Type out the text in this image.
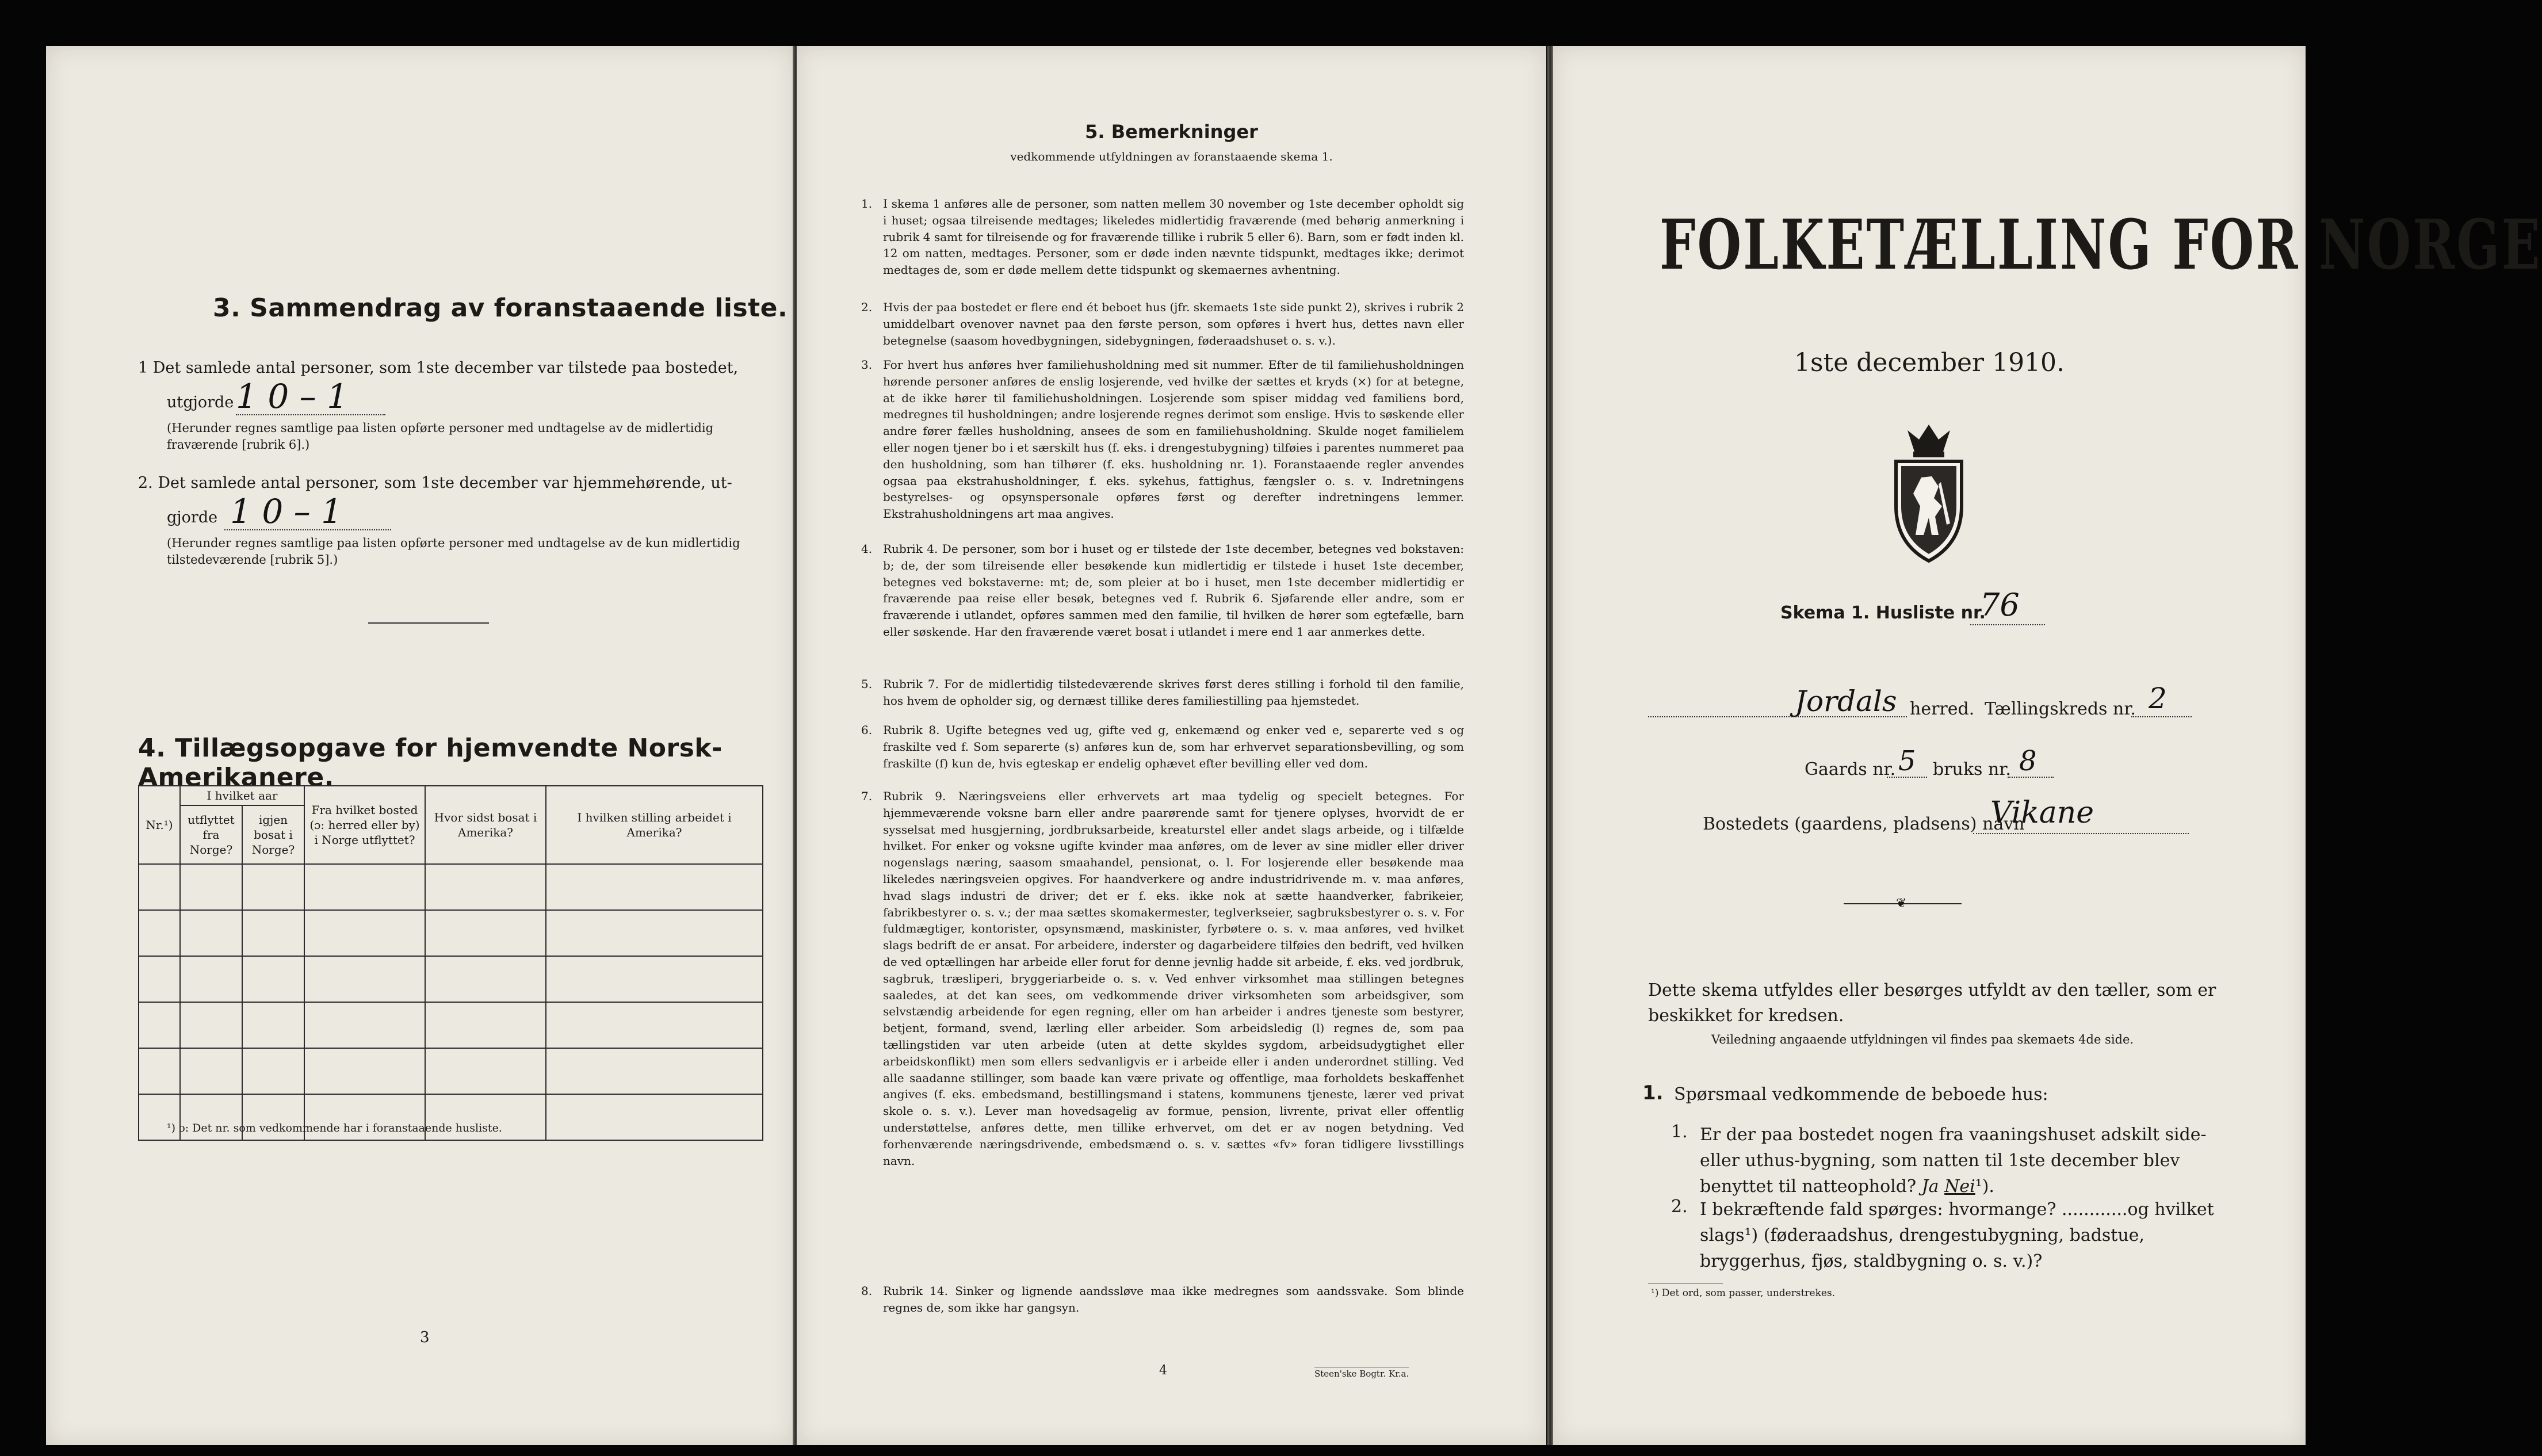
3. Sammendrag av foranstaaende liste.
1 Det samlede antal personer, som 1ste december var tilstede paa bostedet,
utgjorde 1 0 – 1
(Herunder regnes samtlige paa listen opførte personer med undtagelse av de midlertidig fraværende [rubrik 6].)
2. Det samlede antal personer, som 1ste december var hjemmehørende, ut-
gjorde 1 0 – 1
(Herunder regnes samtlige paa listen opførte personer med undtagelse av de kun midlertidig tilstedeværende [rubrik 5].)
4. Tillægsopgave for hjemvendte Norsk-Amerikanere.
Nr.¹)	I hvilket aar		Fra hvilket bosted (ɔ: herred eller by) i Norge utflyttet?	Hvor sidst bosat i Amerika?	I hvilken stilling arbeidet i Amerika?
	utflyttet fra Norge?	igjen bosat i Norge?			

¹) ɔ: Det nr. som vedkommende har i foranstaaende husliste.
3
5. Bemerkninger
vedkommende utfyldningen av foranstaaende skema 1.
1. I skema 1 anføres alle de personer, som natten mellem 30 november og 1ste december opholdt sig i huset; ogsaa tilreisende medtages; likeledes midlertidig fraværende (med behørig anmerkning i rubrik 4 samt for tilreisende og for fraværende tillike i rubrik 5 eller 6). Barn, som er født inden kl. 12 om natten, medtages. Personer, som er døde inden nævnte tidspunkt, medtages ikke; derimot medtages de, som er døde mellem dette tidspunkt og skemaernes avhentning.
2. Hvis der paa bostedet er flere end ét beboet hus (jfr. skemaets 1ste side punkt 2), skrives i rubrik 2 umiddelbart ovenover navnet paa den første person, som opføres i hvert hus, dettes navn eller betegnelse (saasom hovedbygningen, sidebygningen, føderaadshuset o. s. v.).
3. For hvert hus anføres hver familiehusholdning med sit nummer. Efter de til familiehusholdningen hørende personer anføres de enslig losjerende, ved hvilke der sættes et kryds (×) for at betegne, at de ikke hører til familiehusholdningen. Losjerende som spiser middag ved familiens bord, medregnes til husholdningen; andre losjerende regnes derimot som enslige. Hvis to søskende eller andre fører fælles husholdning, ansees de som en familiehusholdning. Skulde noget familielem eller nogen tjener bo i et særskilt hus (f. eks. i drengestubygning) tilføies i parentes nummeret paa den husholdning, som han tilhører (f. eks. husholdning nr. 1). Foranstaaende regler anvendes ogsaa paa ekstrahusholdninger, f. eks. sykehus, fattighus, fængsler o. s. v. Indretningens bestyrelses- og opsynspersonale opføres først og derefter indretningens lemmer. Ekstrahusholdningens art maa angives.
4. Rubrik 4. De personer, som bor i huset og er tilstede der 1ste december, betegnes ved bokstaven: b; de, der som tilreisende eller besøkende kun midlertidig er tilstede i huset 1ste december, betegnes ved bokstaverne: mt; de, som pleier at bo i huset, men 1ste december midlertidig er fraværende paa reise eller besøk, betegnes ved f. Rubrik 6. Sjøfarende eller andre, som er fraværende i utlandet, opføres sammen med den familie, til hvilken de hører som egtefælle, barn eller søskende. Har den fraværende været bosat i utlandet i mere end 1 aar anmerkes dette.
5. Rubrik 7. For de midlertidig tilstedeværende skrives først deres stilling i forhold til den familie, hos hvem de opholder sig, og dernæst tillike deres familiestilling paa hjemstedet.
6. Rubrik 8. Ugifte betegnes ved ug, gifte ved g, enkemænd og enker ved e, separerte ved s og fraskilte ved f. Som separerte (s) anføres kun de, som har erhvervet separationsbevilling, og som fraskilte (f) kun de, hvis egteskap er endelig ophævet efter bevilling eller ved dom.
7. Rubrik 9. Næringsveiens eller erhvervets art maa tydelig og specielt betegnes. For hjemmeværende voksne barn eller andre paarørende samt for tjenere oplyses, hvorvidt de er sysselsat med husgjerning, jordbruksarbeide, kreaturstel eller andet slags arbeide, og i tilfælde hvilket. For enker og voksne ugifte kvinder maa anføres, om de lever av sine midler eller driver nogenslags næring, saasom smaahandel, pensionat, o. l. For losjerende eller besøkende maa likeledes næringsveien opgives. For haandverkere og andre industridrivende m. v. maa anføres, hvad slags industri de driver; det er f. eks. ikke nok at sætte haandverker, fabrikeier, fabrikbestyrer o. s. v.; der maa sættes skomakermester, teglverkseier, sagbruksbestyrer o. s. v. For fuldmægtiger, kontorister, opsynsmænd, maskinister, fyrbøtere o. s. v. maa anføres, ved hvilket slags bedrift de er ansat. For arbeidere, inderster og dagarbeidere tilføies den bedrift, ved hvilken de ved optællingen har arbeide eller forut for denne jevnlig hadde sit arbeide, f. eks. ved jordbruk, sagbruk, træsliperi, bryggeriarbeide o. s. v. Ved enhver virksomhet maa stillingen betegnes saaledes, at det kan sees, om vedkommende driver virksomheten som arbeidsgiver, som selvstændig arbeidende for egen regning, eller om han arbeider i andres tjeneste som bestyrer, betjent, formand, svend, lærling eller arbeider. Som arbeidsledig (l) regnes de, som paa tællingstiden var uten arbeide (uten at dette skyldes sygdom, arbeidsudygtighet eller arbeidskonflikt) men som ellers sedvanligvis er i arbeide eller i anden underordnet stilling. Ved alle saadanne stillinger, som baade kan være private og offentlige, maa forholdets beskaffenhet angives (f. eks. embedsmand, bestillingsmand i statens, kommunens tjeneste, lærer ved privat skole o. s. v.). Lever man hovedsagelig av formue, pension, livrente, privat eller offentlig understøttelse, anføres dette, men tillike erhvervet, om det er av nogen betydning. Ved forhenværende næringsdrivende, embedsmænd o. s. v. sættes «fv» foran tidligere livsstillings navn.
8. Rubrik 14. Sinker og lignende aandssløve maa ikke medregnes som aandssvake. Som blinde regnes de, som ikke har gangsyn.
4	Steen'ske Bogtr. Kr.a.
FOLKETÆLLING FOR NORGE
1ste december 1910.
Skema 1. Husliste nr.
76
Jordals herred. Tællingskreds nr. 2
Gaards nr. 5 bruks nr. 8
Bostedets (gaardens, pladsens) navn
Vikane
❦
Dette skema utfyldes eller besørges utfyldt av den tæller, som er beskikket for kredsen.
Veiledning angaaende utfyldningen vil findes paa skemaets 4de side.
1. Spørsmaal vedkommende de beboede hus:
1. Er der paa bostedet nogen fra vaaningshuset adskilt side- eller uthus-bygning, som natten til 1ste december blev benyttet til natteophold? Ja Nei¹).
2. I bekræftende fald spørges: hvormange? ............og hvilket slags¹) (føderaadshus, drengestubygning, badstue, bryggerhus, fjøs, staldbygning o. s. v.)?
¹) Det ord, som passer, understrekes.
